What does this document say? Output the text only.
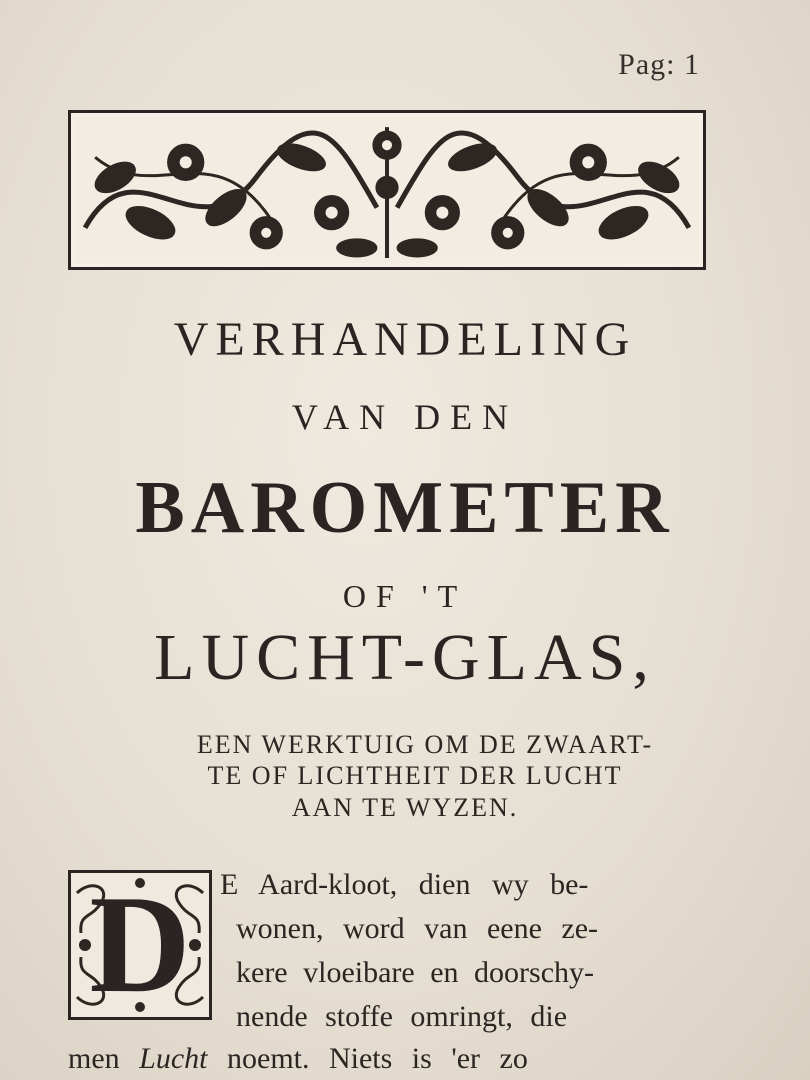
Pag: 1
VERHANDELING
VAN DEN
BAROMETER
OF 'T
LUCHT-GLAS,
EEN WERKTUIG OM DE ZWAART-
TE OF LICHTHEIT DER LUCHT
AAN TE WYZEN.
D E Aard-kloot, dien wy be-
wonen, word van eene ze-
kere vloeibare en doorschy-
nende stoffe omringt, die
men Lucht noemt. Niets is 'er zo
